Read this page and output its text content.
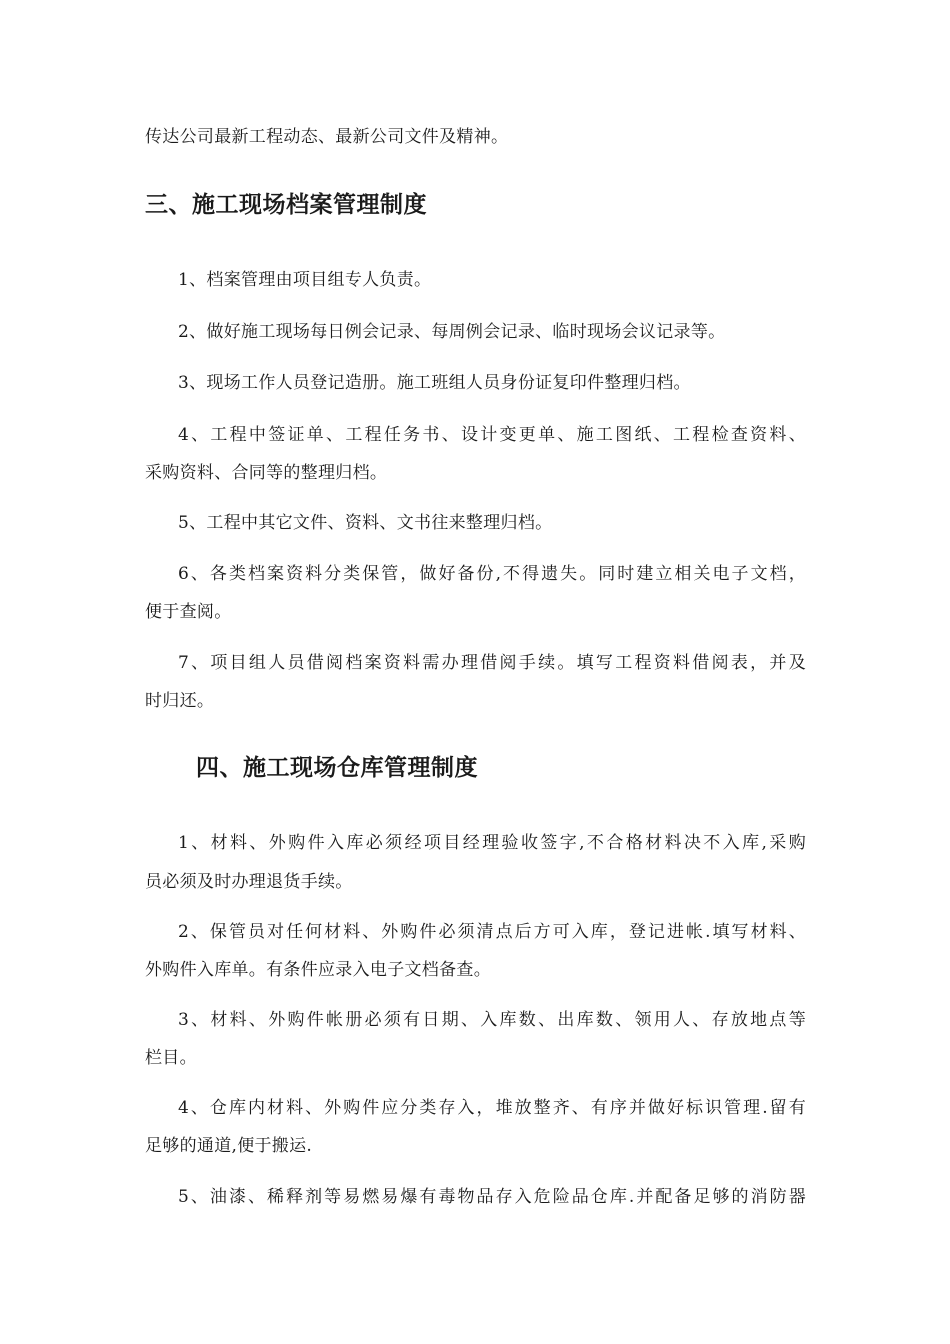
传达公司最新工程动态、最新公司文件及精神。
三、施工现场档案管理制度
1、档案管理由项目组专人负责。
2、做好施工现场每日例会记录、每周例会记录、临时现场会议记录等。
3、现场工作人员登记造册。施工班组人员身份证复印件整理归档。
4、工程中签证单、工程任务书、设计变更单、施工图纸、工程检查资料、
采购资料、合同等的整理归档。
5、工程中其它文件、资料、文书往来整理归档。
6、各类档案资料分类保管，做好备份,不得遗失。同时建立相关电子文档，
便于查阅。
7、项目组人员借阅档案资料需办理借阅手续。填写工程资料借阅表，并及
时归还。
四、施工现场仓库管理制度
1、材料、外购件入库必须经项目经理验收签字,不合格材料决不入库,采购
员必须及时办理退货手续。
2、保管员对任何材料、外购件必须清点后方可入库，登记进帐.填写材料、
外购件入库单。有条件应录入电子文档备查。
3、材料、外购件帐册必须有日期、入库数、出库数、领用人、存放地点等
栏目。
4、仓库内材料、外购件应分类存入，堆放整齐、有序并做好标识管理.留有
足够的通道,便于搬运.
5、油漆、稀释剂等易燃易爆有毒物品存入危险品仓库.并配备足够的消防器
